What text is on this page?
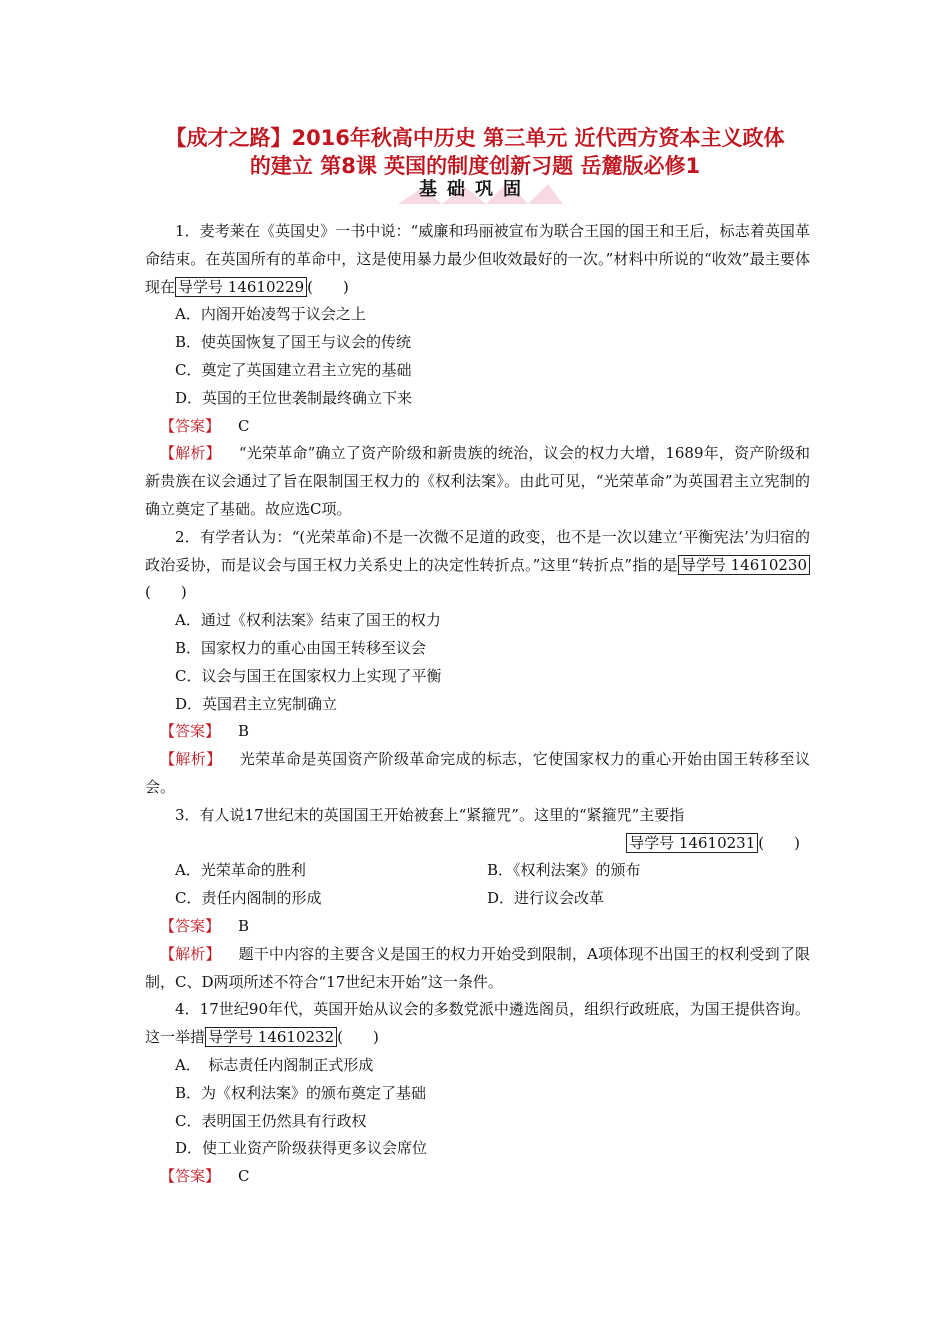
【成才之路】2016年秋高中历史 第三单元 近代西方资本主义政体
的建立 第8课 英国的制度创新习题 岳麓版必修1
基础巩固

1．麦考莱在《英国史》一书中说：“威廉和玛丽被宣布为联合王国的国王和王后，标志着英国革命结束。在英国所有的革命中，这是使用暴力最少但收效最好的一次。”材料中所说的“收效”最主要体现在 导学号 14610229 (　　)

A．内阁开始凌驾于议会之上

B．使英国恢复了国王与议会的传统

C．奠定了英国建立君主立宪的基础

D．英国的王位世袭制最终确立下来

【答案】 C

【解析】 “光荣革命”确立了资产阶级和新贵族的统治，议会的权力大增，1689年，资产阶级和新贵族在议会通过了旨在限制国王权力的《权利法案》。由此可见，“光荣革命”为英国君主立宪制的确立奠定了基础。故应选C项。

2．有学者认为：“(光荣革命)不是一次微不足道的政变，也不是一次以建立‘平衡宪法’为归宿的政治妥协，而是议会与国王权力关系史上的决定性转折点。”这里“转折点”指的是 导学号 14610230(　　)

A．通过《权利法案》结束了国王的权力

B．国家权力的重心由国王转移至议会

C．议会与国王在国家权力上实现了平衡

D．英国君主立宪制确立

【答案】 B

【解析】 光荣革命是英国资产阶级革命完成的标志，它使国家权力的重心开始由国王转移至议会。

3．有人说17世纪末的英国国王开始被套上“紧箍咒”。这里的“紧箍咒”主要指

导学号 14610231 (　　)

A．光荣革命的胜利	B．《权利法案》的颁布
C．责任内阁制的形成	D．进行议会改革

【答案】 B

【解析】 题干中内容的主要含义是国王的权力开始受到限制，A项体现不出国王的权利受到了限制，C、D两项所述不符合“17世纪末开始”这一条件。

4．17世纪90年代，英国开始从议会的多数党派中遴选阁员，组织行政班底，为国王提供咨询。这一举措 导学号 14610232 (　　)

A．　标志责任内阁制正式形成

B．为《权利法案》的颁布奠定了基础

C．表明国王仍然具有行政权

D．使工业资产阶级获得更多议会席位

【答案】 C
